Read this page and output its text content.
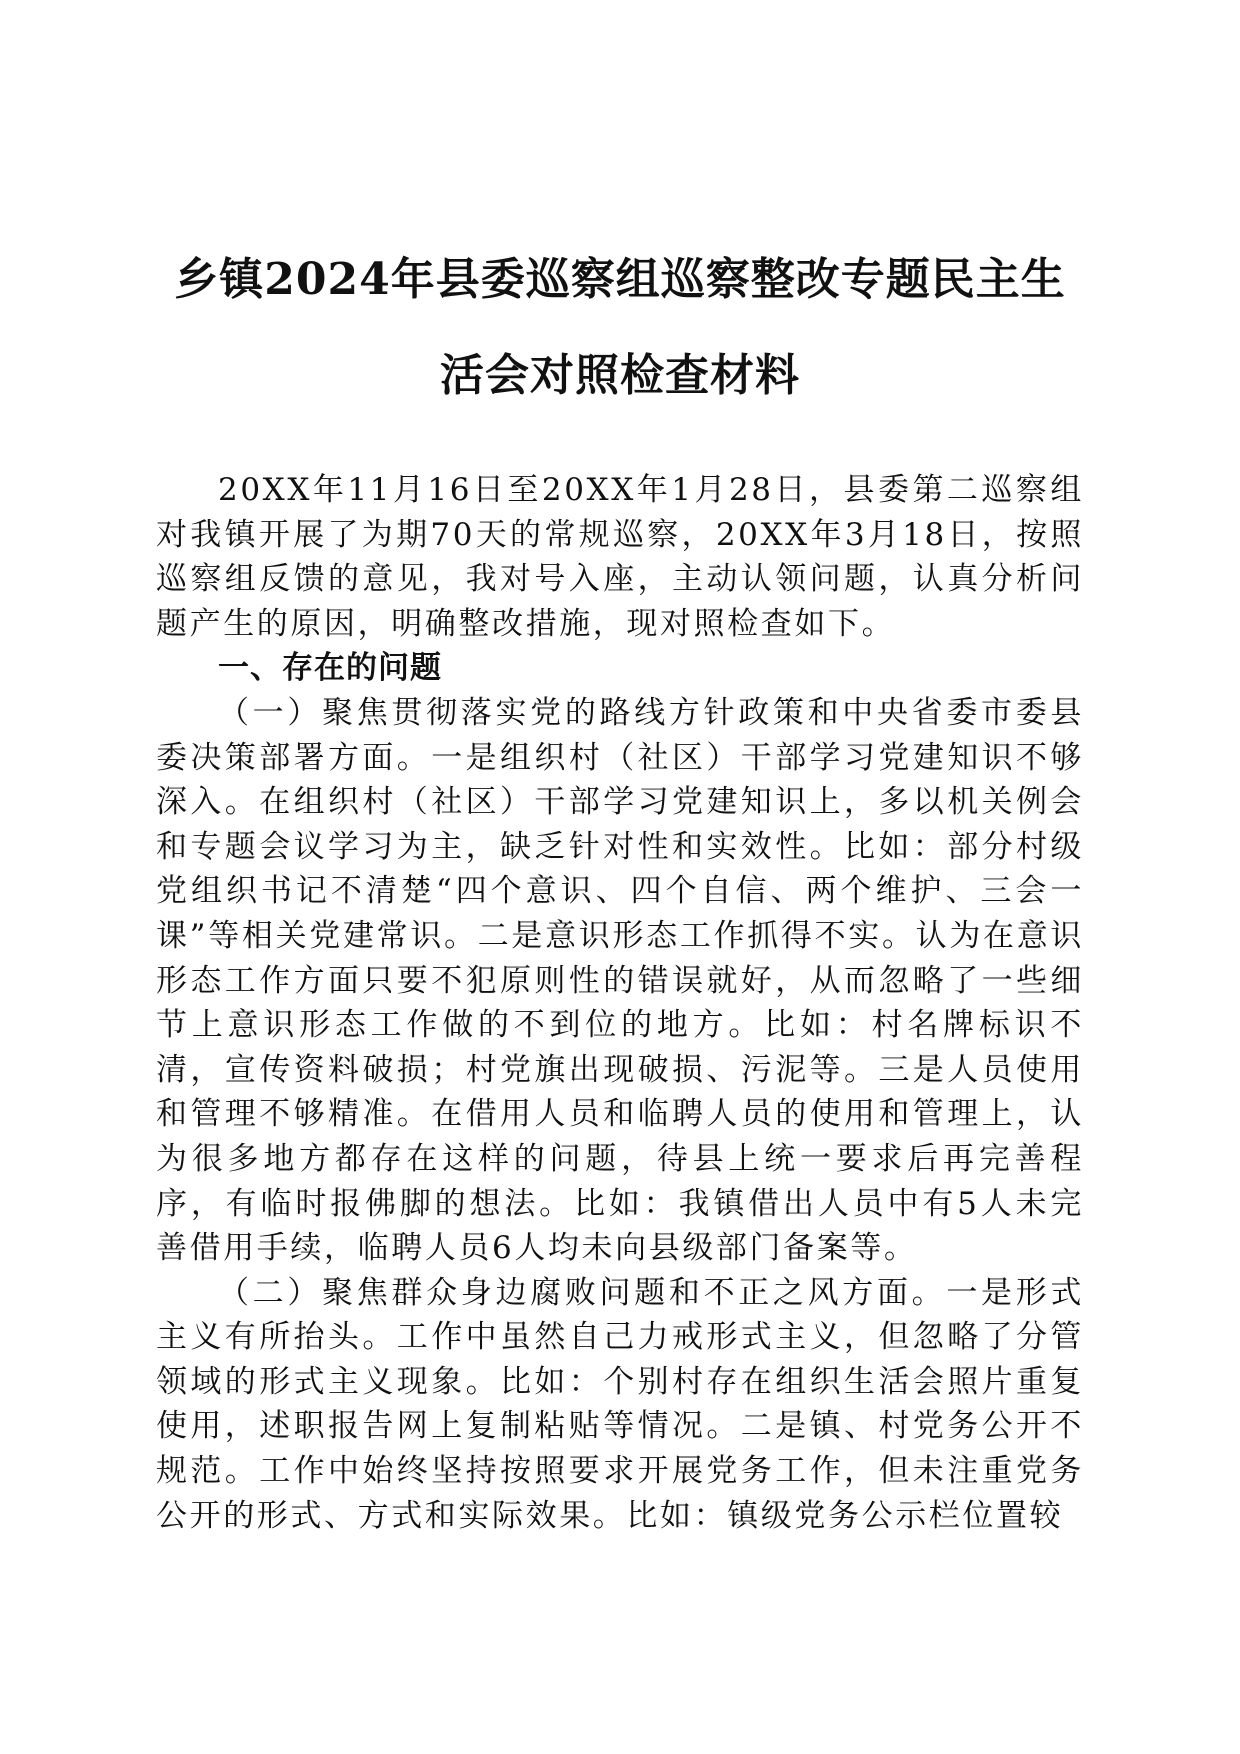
乡镇2024年县委巡察组巡察整改专题民主生
活会对照检查材料

20XX年11月16日至20XX年1月28日，县委第二巡察组对我镇开展了为期70天的常规巡察，20XX年3月18日，按照巡察组反馈的意见，我对号入座，主动认领问题，认真分析问题产生的原因，明确整改措施，现对照检查如下。

一、存在的问题

（一）聚焦贯彻落实党的路线方针政策和中央省委市委县委决策部署方面。一是组织村（社区）干部学习党建知识不够深入。在组织村（社区）干部学习党建知识上，多以机关例会和专题会议学习为主，缺乏针对性和实效性。比如：部分村级党组织书记不清楚“四个意识、四个自信、两个维护、三会一课”等相关党建常识。二是意识形态工作抓得不实。认为在意识形态工作方面只要不犯原则性的错误就好，从而忽略了一些细节上意识形态工作做的不到位的地方。比如：村名牌标识不清，宣传资料破损；村党旗出现破损、污泥等。三是人员使用和管理不够精准。在借用人员和临聘人员的使用和管理上，认为很多地方都存在这样的问题，待县上统一要求后再完善程序，有临时报佛脚的想法。比如：我镇借出人员中有5人未完善借用手续，临聘人员6人均未向县级部门备案等。

（二）聚焦群众身边腐败问题和不正之风方面。一是形式主义有所抬头。工作中虽然自己力戒形式主义，但忽略了分管领域的形式主义现象。比如：个别村存在组织生活会照片重复使用，述职报告网上复制粘贴等情况。二是镇、村党务公开不规范。工作中始终坚持按照要求开展党务工作，但未注重党务公开的形式、方式和实际效果。比如：镇级党务公示栏位置较
